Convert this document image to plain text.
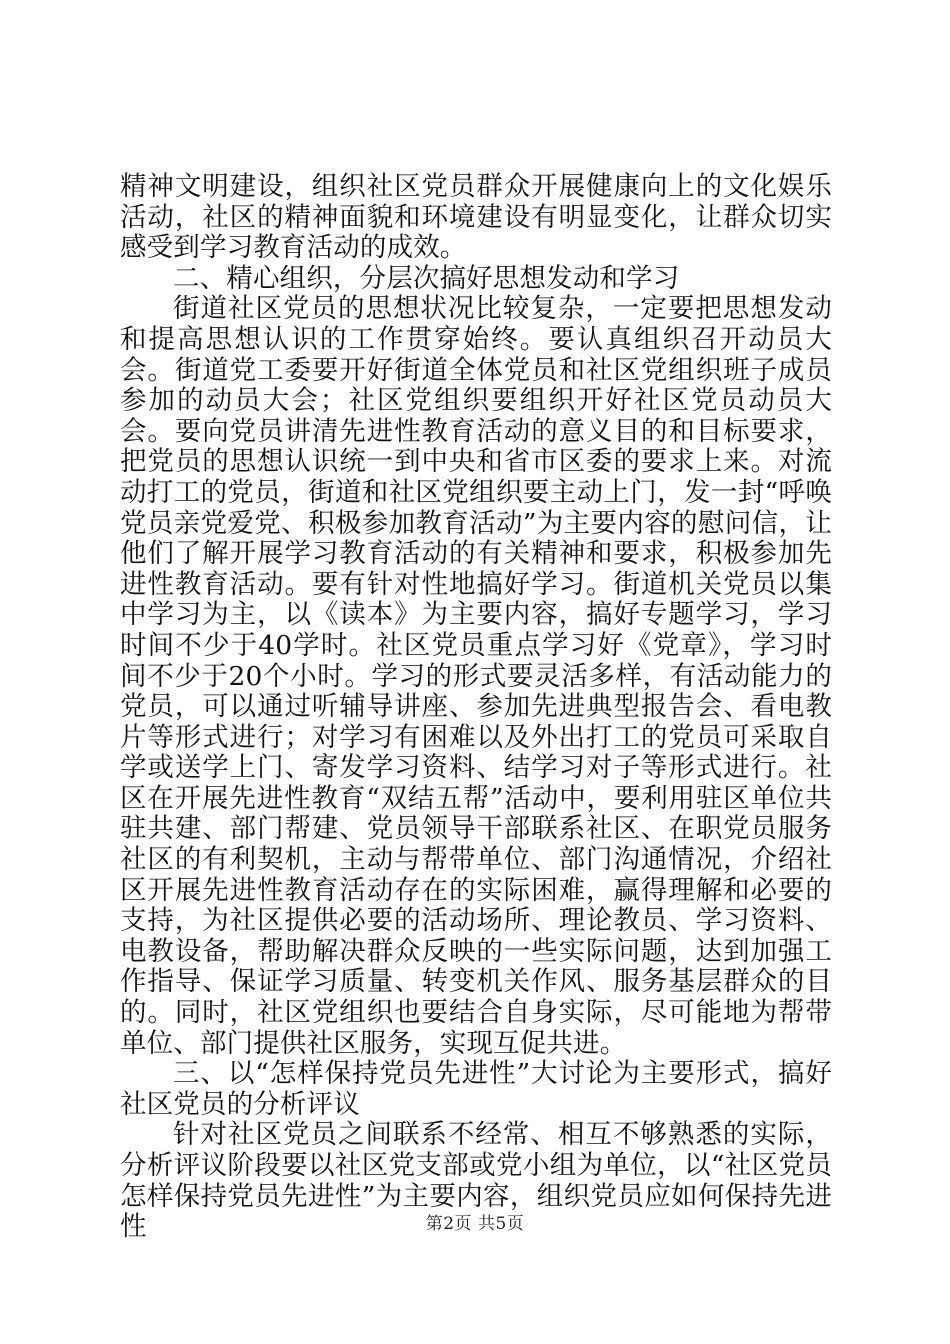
精神文明建设，组织社区党员群众开展健康向上的文化娱乐活动，社区的精神面貌和环境建设有明显变化，让群众切实感受到学习教育活动的成效。

二、精心组织，分层次搞好思想发动和学习

街道社区党员的思想状况比较复杂，一定要把思想发动和提高思想认识的工作贯穿始终。要认真组织召开动员大会。街道党工委要开好街道全体党员和社区党组织班子成员参加的动员大会；社区党组织要组织开好社区党员动员大会。要向党员讲清先进性教育活动的意义目的和目标要求，把党员的思想认识统一到中央和省市区委的要求上来。对流动打工的党员，街道和社区党组织要主动上门，发一封“呼唤党员亲党爱党、积极参加教育活动”为主要内容的慰问信，让他们了解开展学习教育活动的有关精神和要求，积极参加先进性教育活动。要有针对性地搞好学习。街道机关党员以集中学习为主，以《读本》为主要内容，搞好专题学习，学习时间不少于40学时。社区党员重点学习好《党章》，学习时间不少于20个小时。学习的形式要灵活多样，有活动能力的党员，可以通过听辅导讲座、参加先进典型报告会、看电教片等形式进行；对学习有困难以及外出打工的党员可采取自学或送学上门、寄发学习资料、结学习对子等形式进行。社区在开展先进性教育“双结五帮”活动中，要利用驻区单位共驻共建、部门帮建、党员领导干部联系社区、在职党员服务社区的有利契机，主动与帮带单位、部门沟通情况，介绍社区开展先进性教育活动存在的实际困难，赢得理解和必要的支持，为社区提供必要的活动场所、理论教员、学习资料、电教设备，帮助解决群众反映的一些实际问题，达到加强工作指导、保证学习质量、转变机关作风、服务基层群众的目的。同时，社区党组织也要结合自身实际，尽可能地为帮带单位、部门提供社区服务，实现互促共进。

三、以“怎样保持党员先进性”大讨论为主要形式，搞好社区党员的分析评议

针对社区党员之间联系不经常、相互不够熟悉的实际，分析评议阶段要以社区党支部或党小组为单位，以“社区党员怎样保持党员先进性”为主要内容，组织党员应如何保持先进性	第2页 共5页
